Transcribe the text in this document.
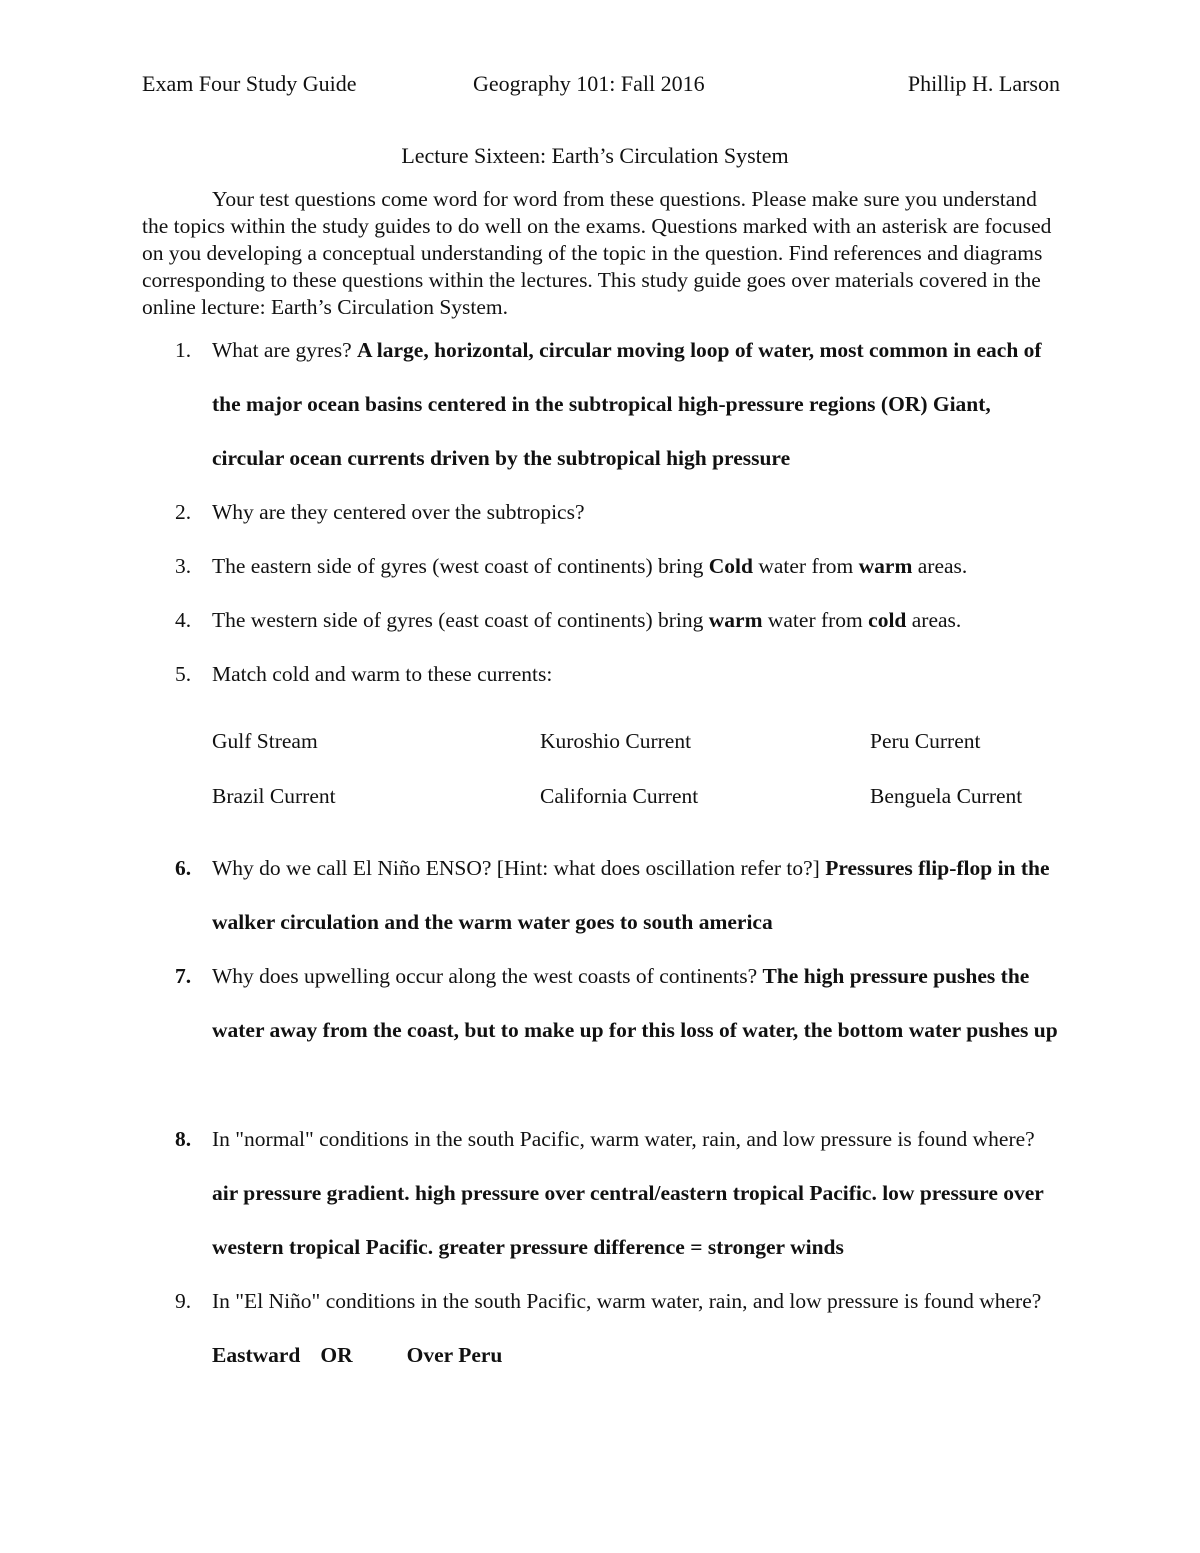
Exam Four Study Guide	Geography 101: Fall 2016	Phillip H. Larson
Lecture Sixteen: Earth’s Circulation System

Your test questions come word for word from these questions. Please make sure you understand the topics within the study guides to do well on the exams. Questions marked with an asterisk are focused on you developing a conceptual understanding of the topic in the question. Find references and diagrams corresponding to these questions within the lectures. This study guide goes over materials covered in the online lecture: Earth’s Circulation System.

1. What are gyres? A large, horizontal, circular moving loop of water, most common in each of the major ocean basins centered in the subtropical high-pressure regions (OR) Giant, circular ocean currents driven by the subtropical high pressure
2. Why are they centered over the subtropics?
3. The eastern side of gyres (west coast of continents) bring Cold water from warm areas.
4. The western side of gyres (east coast of continents) bring warm water from cold areas.
5. Match cold and warm to these currents:
Gulf Stream	Kuroshio Current	Peru Current
Brazil Current	California Current	Benguela Current
6. Why do we call El Niño ENSO? [Hint: what does oscillation refer to?] Pressures flip-flop in the walker circulation and the warm water goes to south america
7. Why does upwelling occur along the west coasts of continents? The high pressure pushes the water away from the coast, but to make up for this loss of water, the bottom water pushes up
8. In "normal" conditions in the south Pacific, warm water, rain, and low pressure is found where? air pressure gradient. high pressure over central/eastern tropical Pacific. low pressure over western tropical Pacific. greater pressure difference = stronger winds
9. In "El Niño" conditions in the south Pacific, warm water, rain, and low pressure is found where? Eastward OR	Over Peru
